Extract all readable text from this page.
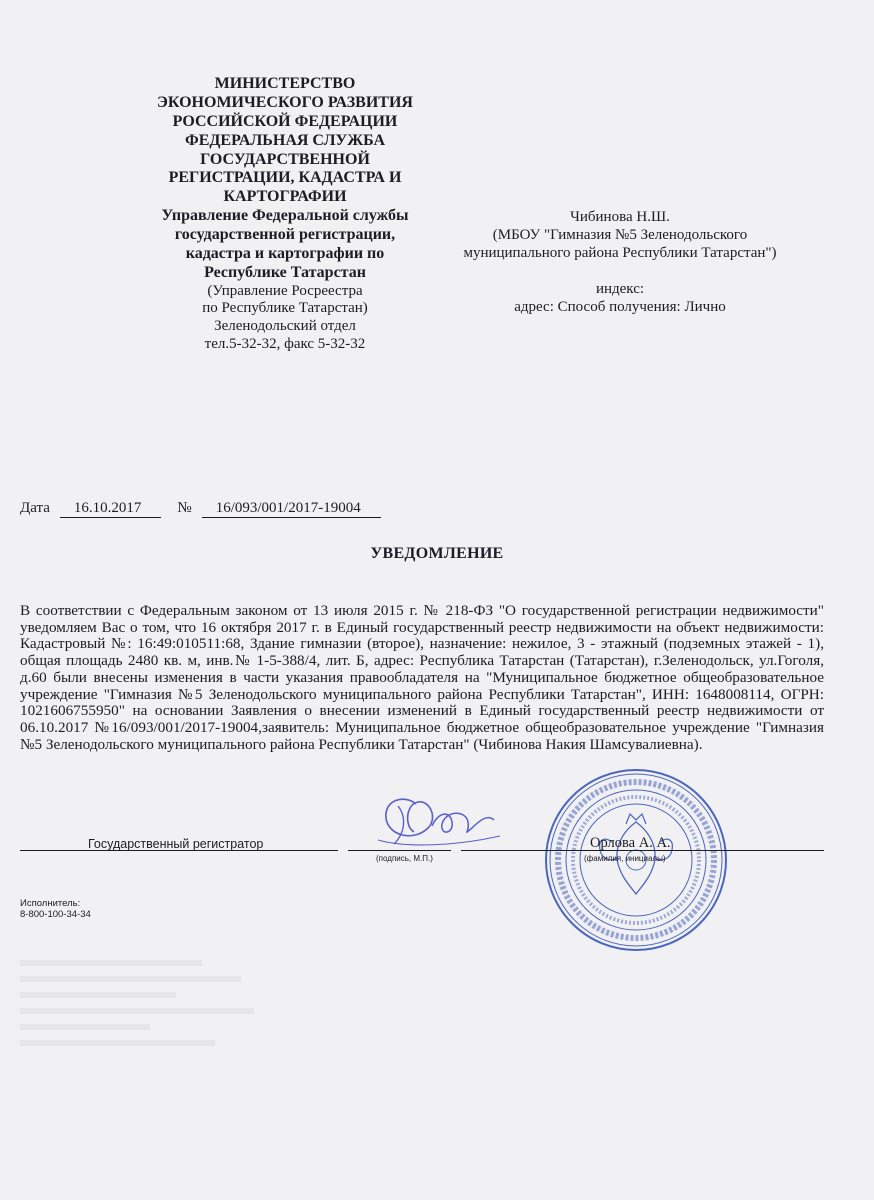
МИНИСТЕРСТВО
ЭКОНОМИЧЕСКОГО РАЗВИТИЯ
РОССИЙСКОЙ ФЕДЕРАЦИИ
ФЕДЕРАЛЬНАЯ СЛУЖБА
ГОСУДАРСТВЕННОЙ
РЕГИСТРАЦИИ, КАДАСТРА И
КАРТОГРАФИИ
Управление Федеральной службы
государственной регистрации,
кадастра и картографии по
Республике Татарстан
(Управление Росреестра
по Республике Татарстан)
Зеленодольский отдел
тел.5-32-32, факс 5-32-32
Чибинова Н.Ш.
(МБОУ "Гимназия №5 Зеленодольского
муниципального района Республики Татарстан")
индекс:
адрес: Способ получения: Лично
Дата 16.10.2017 № 16/093/001/2017-19004
УВЕДОМЛЕНИЕ
В соответствии с Федеральным законом от 13 июля 2015 г. № 218-ФЗ "О государственной регистрации недвижимости" уведомляем Вас о том, что 16 октября 2017 г. в Единый государственный реестр недвижимости на объект недвижимости: Кадастровый №: 16:49:010511:68, Здание гимназии (второе), назначение: нежилое, 3 - этажный (подземных этажей - 1), общая площадь 2480 кв. м, инв.№ 1-5-388/4, лит. Б, адрес: Республика Татарстан (Татарстан), г.Зеленодольск, ул.Гоголя, д.60 были внесены изменения в части указания правообладателя на "Муниципальное бюджетное общеобразовательное учреждение "Гимназия №5 Зеленодольского муниципального района Республики Татарстан", ИНН: 1648008114, ОГРН: 1021606755950" на основании Заявления о внесении изменений в Единый государственный реестр недвижимости от 06.10.2017 №16/093/001/2017-19004,заявитель: Муниципальное бюджетное общеобразовательное учреждение "Гимназия №5 Зеленодольского муниципального района Республики Татарстан" (Чибинова Накия Шамсувалиевна).
Государственный регистратор
(подпись, М.П.)
Орлова А. А.
(фамилия, инициалы)
Исполнитель:
8-800-100-34-34
